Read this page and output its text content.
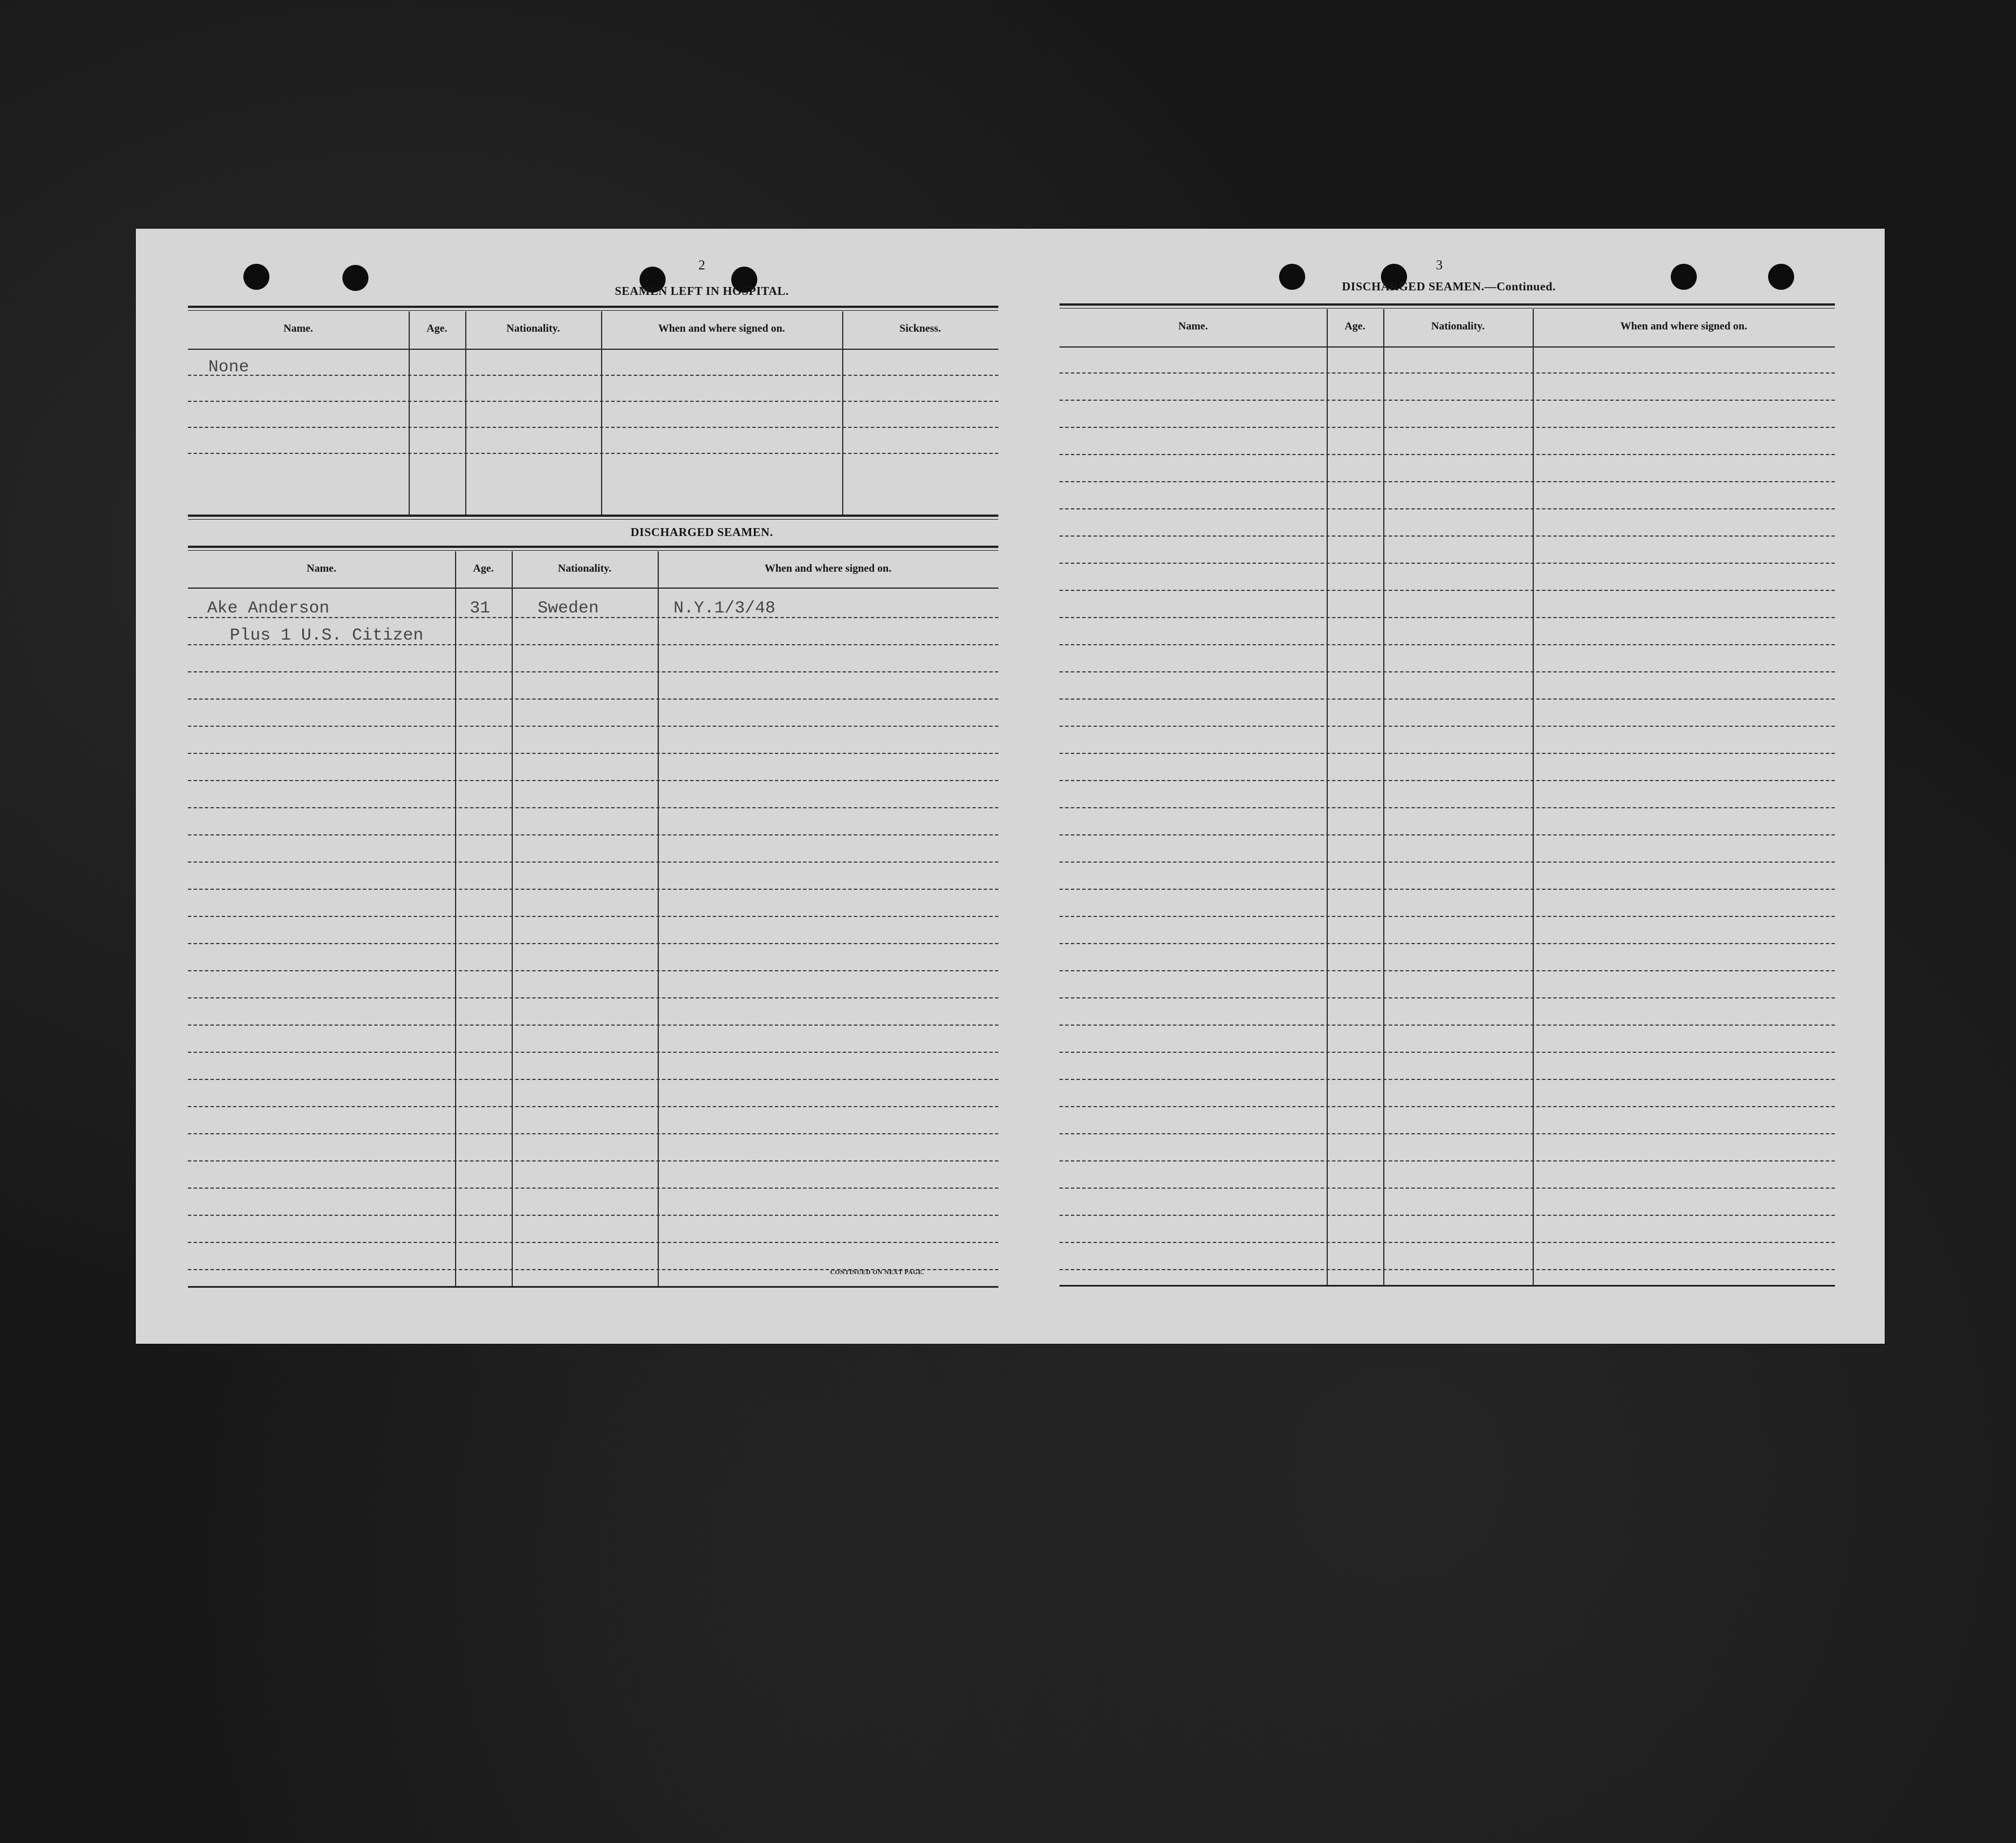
2
SEAMEN LEFT IN HOSPITAL.
Name.	Age.	Nationality.	When and where signed on.	Sickness.
None
DISCHARGED SEAMEN.
Name.	Age.	Nationality.	When and where signed on.
Ake Anderson	31	Sweden	N.Y.1/3/48
Plus 1 U.S. Citizen
CONTINUED ON NEXT PAGE.
3
DISCHARGED SEAMEN.—Continued.
Name.	Age.	Nationality.	When and where signed on.
